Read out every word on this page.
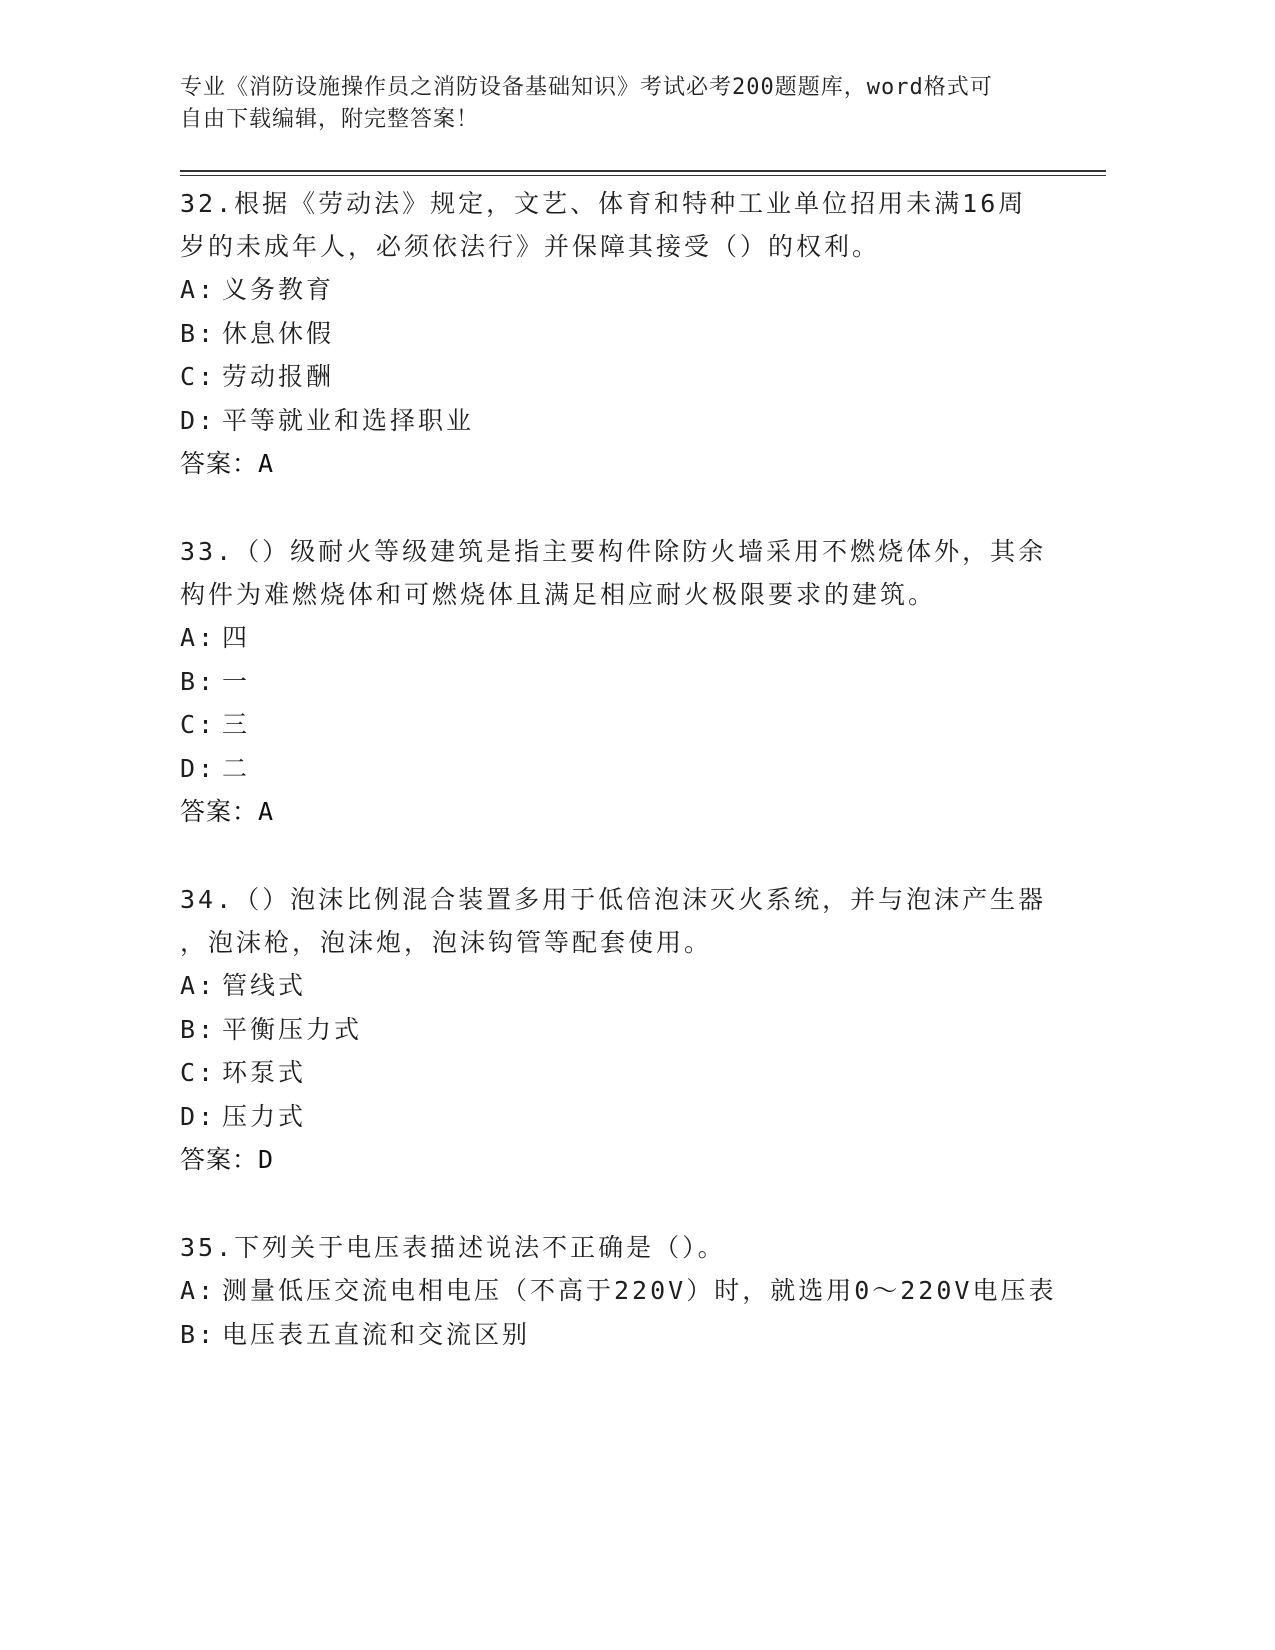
专业《消防设施操作员之消防设备基础知识》考试必考200题题库，word格式可
自由下载编辑，附完整答案！

32.根据《劳动法》规定，文艺、体育和特种工业单位招用未满16周

岁的未成年人，必须依法行》并保障其接受（）的权利。

A: 义务教育
B: 休息休假
C: 劳动报酬
D: 平等就业和选择职业
答案：A

33.（）级耐火等级建筑是指主要构件除防火墙采用不燃烧体外，其余

构件为难燃烧体和可燃烧体且满足相应耐火极限要求的建筑。

A: 四
B: 一
C: 三
D: 二
答案：A

34.（）泡沫比例混合装置多用于低倍泡沫灭火系统，并与泡沫产生器

，泡沫枪，泡沫炮，泡沫钩管等配套使用。

A: 管线式
B: 平衡压力式
C: 环泵式
D: 压力式
答案：D

35.下列关于电压表描述说法不正确是（）。

A: 测量低压交流电相电压（不高于220V）时，就选用0～220V电压表
B: 电压表五直流和交流区别
